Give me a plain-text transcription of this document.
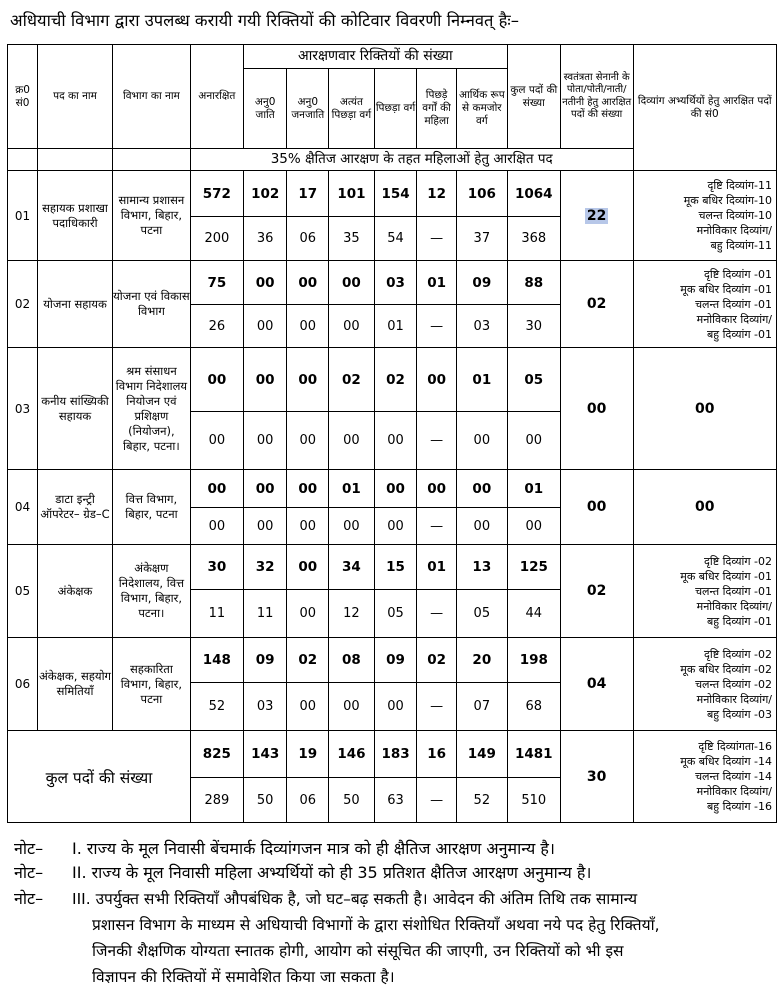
अधियाची विभाग द्वारा उपलब्ध करायी गयी रिक्तियों की कोटिवार विवरणी निम्नवत् हैः–
क्र0 सं0	पद का नाम	विभाग का नाम	अनारक्षित	आरक्षणवार रिक्तियों की संख्या						कुल पदों की संख्या	स्वतंत्रता सेनानी के पोता/पोती/नाती/नतीनी हेतु आरक्षित पदों की संख्या	दिव्यांग अभ्यर्थियों हेतु आरक्षित पदों की सं0
				अनु0 जाति	अनु0 जनजाति	अत्यंत पिछड़ा वर्ग	पिछड़ा वर्ग	पिछड़े वर्गों की महिला	आर्थिक रूप से कमजोर वर्ग			
			35% क्षैतिज आरक्षण के तहत महिलाओं हेतु आरक्षित पद									
01	सहायक प्रशाखा पदाधिकारी	सामान्य प्रशासन विभाग, बिहार, पटना	572	102	17	101	154	12	106	1064	22	दृष्टि दिव्यांग-11
मूक बधिर दिव्यांग-10
चलन्त दिव्यांग-10
मनोविकार दिव्यांग/
बहु दिव्यांग-11

			200	36	06	35	54	—	37	368		
02	योजना सहायक	योजना एवं विकास विभाग	75	00	00	00	03	01	09	88	02	दृष्टि दिव्यांग -01
मूक बधिर दिव्यांग -01
चलन्त दिव्यांग -01
मनोविकार दिव्यांग/
बहु दिव्यांग -01

			26	00	00	00	01	—	03	30		
03	कनीय सांख्यिकी सहायक	श्रम संसाधन विभाग निदेशालय नियोजन एवं प्रशिक्षण (नियोजन), बिहार, पटना।	00	00	00	02	02	00	01	05	00	00
			00	00	00	00	00	—	00	00		
04	डाटा इन्ट्री ऑपरेटर– ग्रेड–C	वित्त विभाग, बिहार, पटना	00	00	00	01	00	00	00	01	00	00
			00	00	00	00	00	—	00	00		
05	अंकेक्षक	अंकेक्षण निदेशालय, वित्त विभाग, बिहार, पटना।	30	32	00	34	15	01	13	125	02	दृष्टि दिव्यांग -02
मूक बधिर दिव्यांग -01
चलन्त दिव्यांग -01
मनोविकार दिव्यांग/
बहु दिव्यांग -01

			11	11	00	12	05	—	05	44		
06	अंकेक्षक, सहयोग समितियाँ	सहकारिता विभाग, बिहार, पटना	148	09	02	08	09	02	20	198	04	दृष्टि दिव्यांग -02
मूक बधिर दिव्यांग -02
चलन्त दिव्यांग -02
मनोविकार दिव्यांग/
बहु दिव्यांग -03

			52	03	00	00	00	—	07	68		
कुल पदों की संख्या			825	143	19	146	183	16	149	1481	30	दृष्टि दिव्यांगता-16
मूक बधिर दिव्यांग -14
चलन्त दिव्यांग -14
मनोविकार दिव्यांग/
बहु दिव्यांग -16

			289	50	06	50	63	—	52	510		
नोट– I. राज्य के मूल निवासी बेंचमार्क दिव्यांगजन मात्र को ही क्षैतिज आरक्षण अनुमान्य है।
नोट– II. राज्य के मूल निवासी महिला अभ्यर्थियों को ही 35 प्रतिशत क्षैतिज आरक्षण अनुमान्य है।
नोट– III. उपर्युक्त सभी रिक्तियाँ औपबंधिक है, जो घट–बढ़ सकती है। आवेदन की अंतिम तिथि तक सामान्य
प्रशासन विभाग के माध्यम से अधियाची विभागों के द्वारा संशोधित रिक्तियाँ अथवा नये पद हेतु रिक्तियाँ,
जिनकी शैक्षणिक योग्यता स्नातक होगी, आयोग को संसूचित की जाएगी, उन रिक्तियों को भी इस
विज्ञापन की रिक्तियों में समावेशित किया जा सकता है।
